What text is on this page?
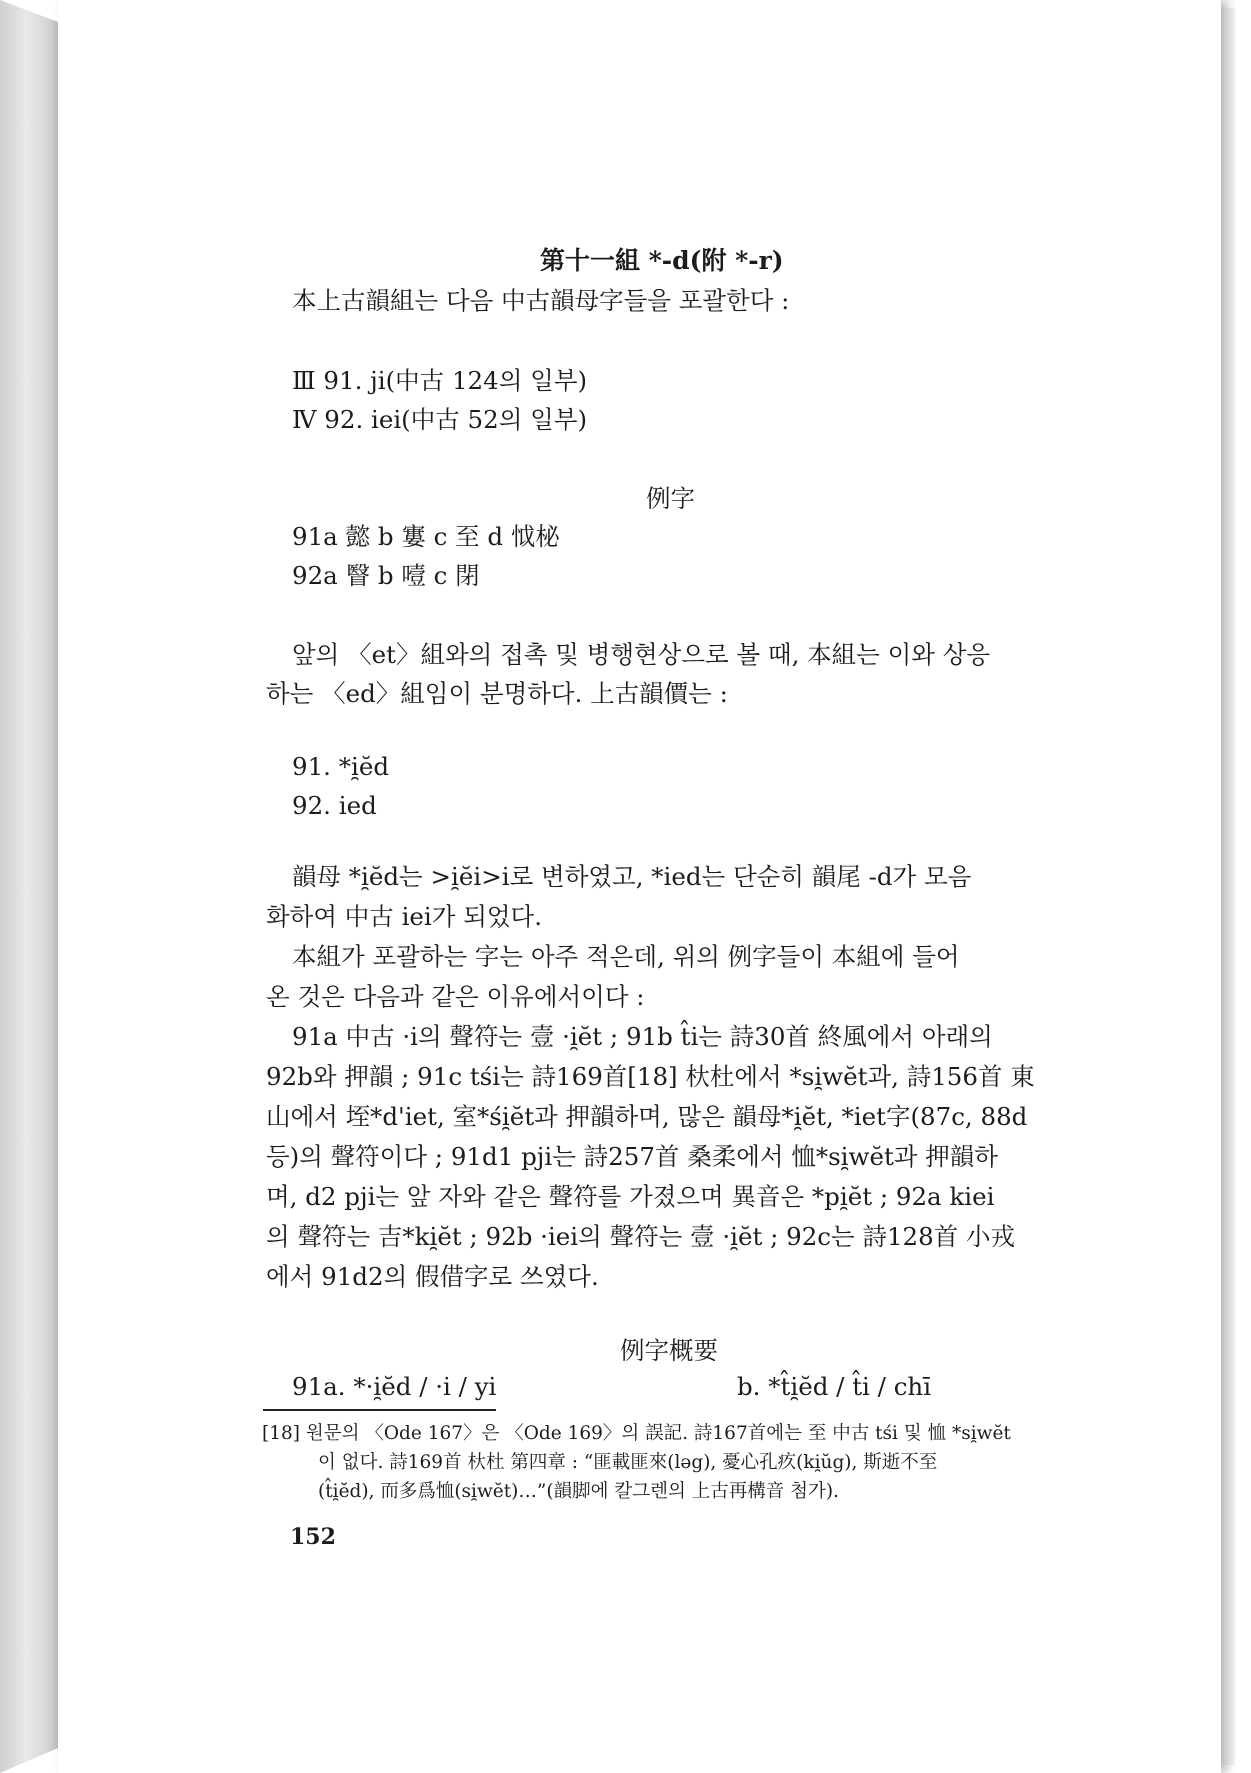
第十一組 *-d(附 *-r)
本上古韻組는 다음 中古韻母字들을 포괄한다 :
Ⅲ 91. ji(中古 124의 일부)
Ⅳ 92. iei(中古 52의 일부)
例字
91a 懿 b 寠 c 至 d 怴柲
92a 瞖 b 噎 c 閉
앞의 〈et〉組와의 접촉 및 병행현상으로 볼 때, 本組는 이와 상응
하는 〈ed〉組임이 분명하다. 上古韻價는 :
91. *i̯ĕd
92. ied
韻母 *i̯ĕd는 >i̯ĕi>i로 변하였고, *ied는 단순히 韻尾 -d가 모음
화하여 中古 iei가 되었다.
本組가 포괄하는 字는 아주 적은데, 위의 例字들이 本組에 들어
온 것은 다음과 같은 이유에서이다 :
91a 中古 ·i의 聲符는 壹 ·i̯ĕt ; 91b t̂i는 詩30首 終風에서 아래의
92b와 押韻 ; 91c tśi는 詩169首[18] 杕杜에서 *si̯wĕt과, 詩156首 東
山에서 垤*d'iet, 室*śi̯ĕt과 押韻하며, 많은 韻母*i̯ĕt, *iet字(87c, 88d
등)의 聲符이다 ; 91d1 pji는 詩257首 桑柔에서 恤*si̯wĕt과 押韻하
며, d2 pji는 앞 자와 같은 聲符를 가졌으며 異音은 *pi̯ĕt ; 92a kiei
의 聲符는 吉*ki̯ĕt ; 92b ·iei의 聲符는 壹 ·i̯ĕt ; 92c는 詩128首 小戎
에서 91d2의 假借字로 쓰였다.
例字概要
91a. *·i̯ĕd / ·i / yi	b. *t̂i̯ĕd / t̂i / chī
[18] 원문의 〈Ode 167〉은 〈Ode 169〉의 誤記. 詩167首에는 至 中古 tśi 및 恤 *si̯wĕt
이 없다. 詩169首 杕杜 第四章 : “匪載匪來(lǝg), 憂心孔疚(ki̯ŭg), 斯逝不至
(t̂i̯ĕd), 而多爲恤(si̯wĕt)…”(韻脚에 칼그렌의 上古再構音 첨가).
152
